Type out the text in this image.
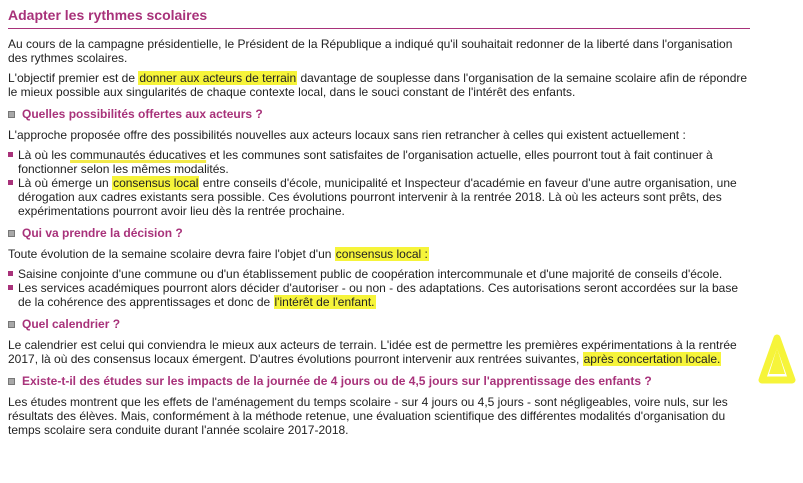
Adapter les rythmes scolaires

Au cours de la campagne présidentielle, le Président de la République a indiqué qu'il souhaitait redonner de la liberté dans l'organisation des rythmes scolaires.

L'objectif premier est de donner aux acteurs de terrain davantage de souplesse dans l'organisation de la semaine scolaire afin de répondre le mieux possible aux singularités de chaque contexte local, dans le souci constant de l'intérêt des enfants.

Quelles possibilités offertes aux acteurs ?

L'approche proposée offre des possibilités nouvelles aux acteurs locaux sans rien retrancher à celles qui existent actuellement :

Là où les communautés éducatives et les communes sont satisfaites de l'organisation actuelle, elles pourront tout à fait continuer à fonctionner selon les mêmes modalités.
Là où émerge un consensus local entre conseils d'école, municipalité et Inspecteur d'académie en faveur d'une autre organisation, une dérogation aux cadres existants sera possible. Ces évolutions pourront intervenir à la rentrée 2018. Là où les acteurs sont prêts, des expérimentations pourront avoir lieu dès la rentrée prochaine.
Qui va prendre la décision ?

Toute évolution de la semaine scolaire devra faire l'objet d'un consensus local :

Saisine conjointe d'une commune ou d'un établissement public de coopération intercommunale et d'une majorité de conseils d'école.
Les services académiques pourront alors décider d'autoriser - ou non - des adaptations. Ces autorisations seront accordées sur la base de la cohérence des apprentissages et donc de l'intérêt de l'enfant.
Quel calendrier ?

Le calendrier est celui qui conviendra le mieux aux acteurs de terrain. L'idée est de permettre les premières expérimentations à la rentrée 2017, là où des consensus locaux émergent. D'autres évolutions pourront intervenir aux rentrées suivantes, après concertation locale.

Existe-t-il des études sur les impacts de la journée de 4 jours ou de 4,5 jours sur l'apprentissage des enfants ?

Les études montrent que les effets de l'aménagement du temps scolaire - sur 4 jours ou 4,5 jours - sont négligeables, voire nuls, sur les résultats des élèves. Mais, conformément à la méthode retenue, une évaluation scientifique des différentes modalités d'organisation du temps scolaire sera conduite durant l'année scolaire 2017-2018.
